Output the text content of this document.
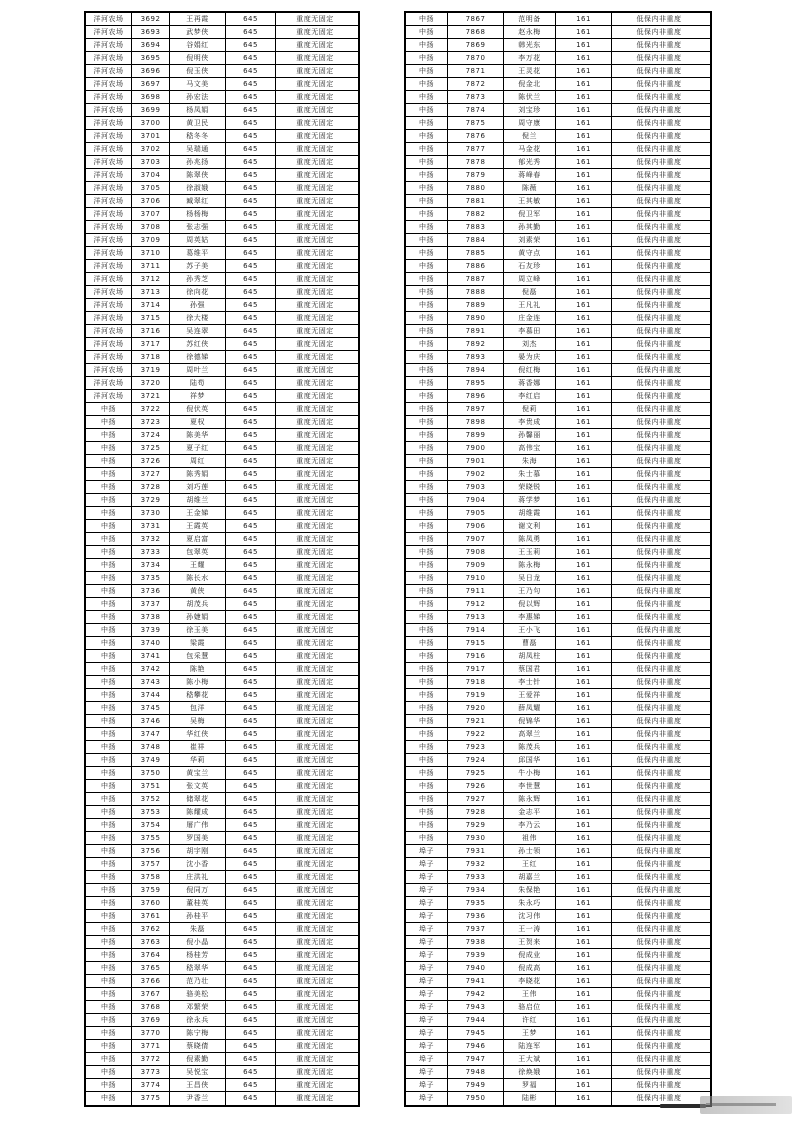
洋河农场	3692	王再霞	645	重度无固定
洋河农场	3693	武梦侠	645	重度无固定
洋河农场	3694	谷娟红	645	重度无固定
洋河农场	3695	倪明侠	645	重度无固定
洋河农场	3696	倪玉侠	645	重度无固定
洋河农场	3697	马文美	645	重度无固定
洋河农场	3698	孙宏法	645	重度无固定
洋河农场	3699	杨凤娟	645	重度无固定
洋河农场	3700	黄卫民	645	重度无固定
洋河农场	3701	嵇冬冬	645	重度无固定
洋河农场	3702	吴瑞通	645	重度无固定
洋河农场	3703	孙兆扬	645	重度无固定
洋河农场	3704	陈翠侠	645	重度无固定
洋河农场	3705	徐淑娥	645	重度无固定
洋河农场	3706	臧翠红	645	重度无固定
洋河农场	3707	杨杨梅	645	重度无固定
洋河农场	3708	张志强	645	重度无固定
洋河农场	3709	周英姑	645	重度无固定
洋河农场	3710	葛维平	645	重度无固定
洋河农场	3711	苏子美	645	重度无固定
洋河农场	3712	孙秀芝	645	重度无固定
洋河农场	3713	徐向花	645	重度无固定
洋河农场	3714	孙强	645	重度无固定
洋河农场	3715	徐大楼	645	重度无固定
洋河农场	3716	吴连翠	645	重度无固定
洋河农场	3717	苏红侠	645	重度无固定
洋河农场	3718	徐德娣	645	重度无固定
洋河农场	3719	周叶兰	645	重度无固定
洋河农场	3720	陆苟	645	重度无固定
洋河农场	3721	祥梦	645	重度无固定
中扬	3722	倪伏英	645	重度无固定
中扬	3723	夏权	645	重度无固定
中扬	3724	陈美华	645	重度无固定
中扬	3725	夏子红	645	重度无固定
中扬	3726	周红	645	重度无固定
中扬	3727	陈秀娟	645	重度无固定
中扬	3728	刘巧莲	645	重度无固定
中扬	3729	胡维兰	645	重度无固定
中扬	3730	王金娣	645	重度无固定
中扬	3731	王霞英	645	重度无固定
中扬	3732	夏启富	645	重度无固定
中扬	3733	包翠英	645	重度无固定
中扬	3734	王耀	645	重度无固定
中扬	3735	陈长水	645	重度无固定
中扬	3736	黄侠	645	重度无固定
中扬	3737	胡茂兵	645	重度无固定
中扬	3738	孙婕娟	645	重度无固定
中扬	3739	徐玉美	645	重度无固定
中扬	3740	梁霞	645	重度无固定
中扬	3741	包采慧	645	重度无固定
中扬	3742	陈艳	645	重度无固定
中扬	3743	陈小梅	645	重度无固定
中扬	3744	嵇攀花	645	重度无固定
中扬	3745	包洋	645	重度无固定
中扬	3746	吴梅	645	重度无固定
中扬	3747	华红侠	645	重度无固定
中扬	3748	崔祥	645	重度无固定
中扬	3749	华莉	645	重度无固定
中扬	3750	黄宝兰	645	重度无固定
中扬	3751	张文英	645	重度无固定
中扬	3752	储翠花	645	重度无固定
中扬	3753	陈耀成	645	重度无固定
中扬	3754	屠广伟	645	重度无固定
中扬	3755	罗国美	645	重度无固定
中扬	3756	胡宇刚	645	重度无固定
中扬	3757	沈小香	645	重度无固定
中扬	3758	庄洪礼	645	重度无固定
中扬	3759	倪同万	645	重度无固定
中扬	3760	董桂英	645	重度无固定
中扬	3761	孙桂平	645	重度无固定
中扬	3762	朱磊	645	重度无固定
中扬	3763	倪小晶	645	重度无固定
中扬	3764	杨桂芳	645	重度无固定
中扬	3765	嵇翠华	645	重度无固定
中扬	3766	范乃壮	645	重度无固定
中扬	3767	骆美松	645	重度无固定
中扬	3768	邓繁荣	645	重度无固定
中扬	3769	徐永兵	645	重度无固定
中扬	3770	陈宁梅	645	重度无固定
中扬	3771	蔡晓倩	645	重度无固定
中扬	3772	倪素勤	645	重度无固定
中扬	3773	吴悦宝	645	重度无固定
中扬	3774	王昌侠	645	重度无固定
中扬	3775	尹香兰	645	重度无固定
中扬	7867	范明备	161	低保内非重度
中扬	7868	赵永梅	161	低保内非重度
中扬	7869	韩光东	161	低保内非重度
中扬	7870	李万花	161	低保内非重度
中扬	7871	王灵花	161	低保内非重度
中扬	7872	倪金北	161	低保内非重度
中扬	7873	陈伏兰	161	低保内非重度
中扬	7874	刘宝珍	161	低保内非重度
中扬	7875	周守康	161	低保内非重度
中扬	7876	倪兰	161	低保内非重度
中扬	7877	马金花	161	低保内非重度
中扬	7878	郁光秀	161	低保内非重度
中扬	7879	蒋峰春	161	低保内非重度
中扬	7880	陈薇	161	低保内非重度
中扬	7881	王其敏	161	低保内非重度
中扬	7882	倪卫军	161	低保内非重度
中扬	7883	孙其勤	161	低保内非重度
中扬	7884	刘素荣	161	低保内非重度
中扬	7885	黄守点	161	低保内非重度
中扬	7886	石友珍	161	低保内非重度
中扬	7887	周立峰	161	低保内非重度
中扬	7888	倪磊	161	低保内非重度
中扬	7889	王凡礼	161	低保内非重度
中扬	7890	庄金连	161	低保内非重度
中扬	7891	李慕田	161	低保内非重度
中扬	7892	刘杰	161	低保内非重度
中扬	7893	晏为庆	161	低保内非重度
中扬	7894	倪红梅	161	低保内非重度
中扬	7895	蒋香娜	161	低保内非重度
中扬	7896	李红启	161	低保内非重度
中扬	7897	倪莉	161	低保内非重度
中扬	7898	李贵成	161	低保内非重度
中扬	7899	孙馨丽	161	低保内非重度
中扬	7900	高伟宝	161	低保内非重度
中扬	7901	朱海	161	低保内非重度
中扬	7902	朱士慕	161	低保内非重度
中扬	7903	荣晓锐	161	低保内非重度
中扬	7904	蒋学梦	161	低保内非重度
中扬	7905	胡维霞	161	低保内非重度
中扬	7906	谢文利	161	低保内非重度
中扬	7907	陈凤勇	161	低保内非重度
中扬	7908	王玉莉	161	低保内非重度
中扬	7909	陈永梅	161	低保内非重度
中扬	7910	吴日龙	161	低保内非重度
中扬	7911	王乃句	161	低保内非重度
中扬	7912	倪以辉	161	低保内非重度
中扬	7913	李惠娣	161	低保内非重度
中扬	7914	王小飞	161	低保内非重度
中扬	7915	曹磊	161	低保内非重度
中扬	7916	胡凤柱	161	低保内非重度
中扬	7917	蔡国君	161	低保内非重度
中扬	7918	李士针	161	低保内非重度
中扬	7919	王爱祥	161	低保内非重度
中扬	7920	薛凤耀	161	低保内非重度
中扬	7921	倪锦华	161	低保内非重度
中扬	7922	高翠兰	161	低保内非重度
中扬	7923	陈茂兵	161	低保内非重度
中扬	7924	邱国华	161	低保内非重度
中扬	7925	牛小梅	161	低保内非重度
中扬	7926	李世慧	161	低保内非重度
中扬	7927	陈永辉	161	低保内非重度
中扬	7928	金志平	161	低保内非重度
中扬	7929	李乃云	161	低保内非重度
中扬	7930	祖伟	161	低保内非重度
埠子	7931	孙士领	161	低保内非重度
埠子	7932	王红	161	低保内非重度
埠子	7933	胡嘉兰	161	低保内非重度
埠子	7934	朱保艳	161	低保内非重度
埠子	7935	朱永巧	161	低保内非重度
埠子	7936	沈习伟	161	低保内非重度
埠子	7937	王一涛	161	低保内非重度
埠子	7938	王贺来	161	低保内非重度
埠子	7939	倪成业	161	低保内非重度
埠子	7940	倪成高	161	低保内非重度
埠子	7941	李晓花	161	低保内非重度
埠子	7942	王伟	161	低保内非重度
埠子	7943	骆启位	161	低保内非重度
埠子	7944	许红	161	低保内非重度
埠子	7945	王梦	161	低保内非重度
埠子	7946	陆连军	161	低保内非重度
埠子	7947	王大斌	161	低保内非重度
埠子	7948	徐焕娥	161	低保内非重度
埠子	7949	罗福	161	低保内非重度
埠子	7950	陆彬	161	低保内非重度
